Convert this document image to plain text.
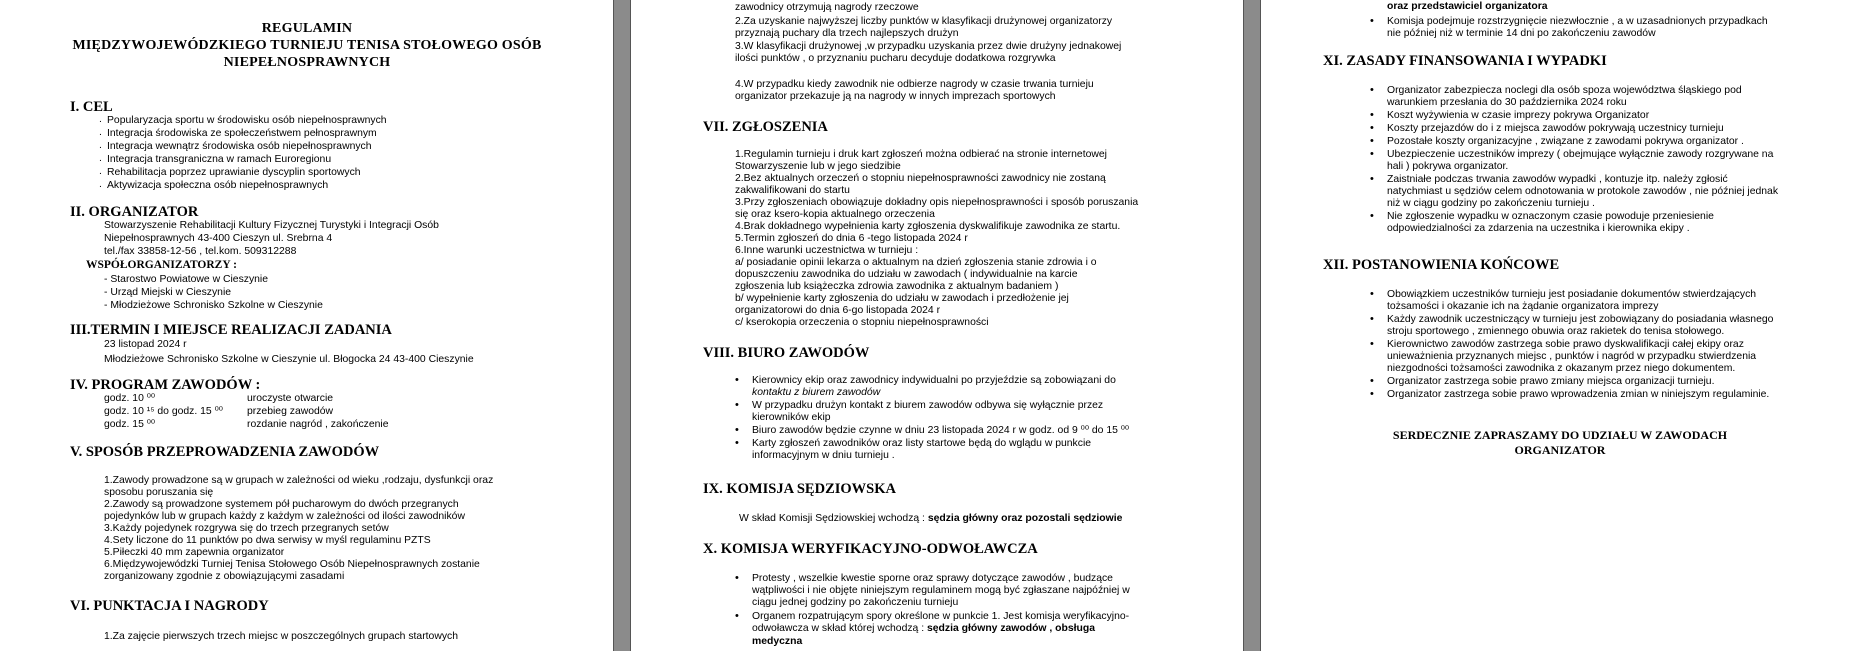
REGULAMIN
MIĘDZYWOJEWÓDZKIEGO TURNIEJU TENISA STOŁOWEGO OSÓB
NIEPEŁNOSPRAWNYCH
I. CEL
. Popularyzacja sportu w środowisku osób niepełnosprawnych
. Integracja środowiska ze społeczeństwem pełnosprawnym
. Integracja wewnątrz środowiska osób niepełnosprawnych
. Integracja transgraniczna w ramach Euroregionu
. Rehabilitacja poprzez uprawianie dyscyplin sportowych
. Aktywizacja społeczna osób niepełnosprawnych
II. ORGANIZATOR
Stowarzyszenie Rehabilitacji Kultury Fizycznej Turystyki i Integracji Osób
Niepełnosprawnych 43-400 Cieszyn ul. Srebrna 4
tel./fax 33858-12-56 , tel.kom. 509312288
WSPÓŁORGANIZATORZY :
- Starostwo Powiatowe w Cieszynie
- Urząd Miejski w Cieszynie
- Młodzieżowe Schronisko Szkolne w Cieszynie
III.TERMIN I MIEJSCE REALIZACJI ZADANIA
23 listopad 2024 r
Młodzieżowe Schronisko Szkolne w Cieszynie ul. Błogocka 24 43-400 Cieszynie
IV. PROGRAM ZAWODÓW :
godz. 10 ⁰⁰	uroczyste otwarcie
godz. 10 ¹⁵ do godz. 15 ⁰⁰ przebieg zawodów
godz. 15 ⁰⁰	rozdanie nagród , zakończenie
V. SPOSÓB PRZEPROWADZENIA ZAWODÓW
1.Zawody prowadzone są w grupach w zależności od wieku ,rodzaju, dysfunkcji oraz
sposobu poruszania się
2.Zawody są prowadzone systemem pół pucharowym do dwóch przegranych
pojedynków lub w grupach każdy z każdym w zależności od ilości zawodników
3.Każdy pojedynek rozgrywa się do trzech przegranych setów
4.Sety liczone do 11 punktów po dwa serwisy w myśl regulaminu PZTS
5.Piłeczki 40 mm zapewnia organizator
6.Międzywojewódzki Turniej Tenisa Stołowego Osób Niepełnosprawnych zostanie
zorganizowany zgodnie z obowiązującymi zasadami
VI. PUNKTACJA I NAGRODY
1.Za zajęcie pierwszych trzech miejsc w poszczególnych grupach startowych
zawodnicy otrzymują nagrody rzeczowe
2.Za uzyskanie najwyższej liczby punktów w klasyfikacji drużynowej organizatorzy
przyznają puchary dla trzech najlepszych drużyn
3.W klasyfikacji drużynowej ,w przypadku uzyskania przez dwie drużyny jednakowej
ilości punktów , o przyznaniu pucharu decyduje dodatkowa rozgrywka
4.W przypadku kiedy zawodnik nie odbierze nagrody w czasie trwania turnieju
organizator przekazuje ją na nagrody w innych imprezach sportowych
VII. ZGŁOSZENIA
1.Regulamin turnieju i druk kart zgłoszeń można odbierać na stronie internetowej
Stowarzyszenie lub w jego siedzibie
2.Bez aktualnych orzeczeń o stopniu niepełnosprawności zawodnicy nie zostaną
zakwalifikowani do startu
3.Przy zgłoszeniach obowiązuje dokładny opis niepełnosprawności i sposób poruszania
się oraz ksero-kopia aktualnego orzeczenia
4.Brak dokładnego wypełnienia karty zgłoszenia dyskwalifikuje zawodnika ze startu.
5.Termin zgłoszeń do dnia 6 -tego listopada 2024 r
6.Inne warunki uczestnictwa w turnieju :
a/ posiadanie opinii lekarza o aktualnym na dzień zgłoszenia stanie zdrowia i o
dopuszczeniu zawodnika do udziału w zawodach ( indywidualnie na karcie
zgłoszenia lub książeczka zdrowia zawodnika z aktualnym badaniem )
b/ wypełnienie karty zgłoszenia do udziału w zawodach i przedłożenie jej
organizatorowi do dnia 6-go listopada 2024 r
c/ kserokopia orzeczenia o stopniu niepełnosprawności
VIII. BIURO ZAWODÓW
• Kierownicy ekip oraz zawodnicy indywidualni po przyjeździe są zobowiązani do
kontaktu z biurem zawodów
• W przypadku drużyn kontakt z biurem zawodów odbywa się wyłącznie przez
kierowników ekip
• Biuro zawodów będzie czynne w dniu 23 listopada 2024 r w godz. od 9 ⁰⁰ do 15 ⁰⁰
• Karty zgłoszeń zawodników oraz listy startowe będą do wglądu w punkcie
informacyjnym w dniu turnieju .
IX. KOMISJA SĘDZIOWSKA
W skład Komisji Sędziowskiej wchodzą : sędzia główny oraz pozostali sędziowie
X. KOMISJA WERYFIKACYJNO-ODWOŁAWCZA
• Protesty , wszelkie kwestie sporne oraz sprawy dotyczące zawodów , budzące
wątpliwości i nie objęte niniejszym regulaminem mogą być zgłaszane najpóźniej w
ciągu jednej godziny po zakończeniu turnieju
• Organem rozpatrującym spory określone w punkcie 1. Jest komisja weryfikacyjno-
odwoławcza w skład której wchodzą : sędzia główny zawodów , obsługa
medyczna
oraz przedstawiciel organizatora
• Komisja podejmuje rozstrzygnięcie niezwłocznie , a w uzasadnionych przypadkach
nie później niż w terminie 14 dni po zakończeniu zawodów
XI. ZASADY FINANSOWANIA I WYPADKI
• Organizator zabezpiecza noclegi dla osób spoza województwa śląskiego pod
warunkiem przesłania do 30 października 2024 roku
• Koszt wyżywienia w czasie imprezy pokrywa Organizator
• Koszty przejazdów do i z miejsca zawodów pokrywają uczestnicy turnieju
• Pozostałe koszty organizacyjne , związane z zawodami pokrywa organizator .
• Ubezpieczenie uczestników imprezy ( obejmujące wyłącznie zawody rozgrywane na
hali ) pokrywa organizator.
• Zaistniałe podczas trwania zawodów wypadki , kontuzje itp. należy zgłosić
natychmiast u sędziów celem odnotowania w protokole zawodów , nie później jednak
niż w ciągu godziny po zakończeniu turnieju .
• Nie zgłoszenie wypadku w oznaczonym czasie powoduje przeniesienie
odpowiedzialności za zdarzenia na uczestnika i kierownika ekipy .
XII. POSTANOWIENIA KOŃCOWE
• Obowiązkiem uczestników turnieju jest posiadanie dokumentów stwierdzających
tożsamości i okazanie ich na żądanie organizatora imprezy
• Każdy zawodnik uczestniczący w turnieju jest zobowiązany do posiadania własnego
stroju sportowego , zmiennego obuwia oraz rakietek do tenisa stołowego.
• Kierownictwo zawodów zastrzega sobie prawo dyskwalifikacji całej ekipy oraz
unieważnienia przyznanych miejsc , punktów i nagród w przypadku stwierdzenia
niezgodności tożsamości zawodnika z okazanym przez niego dokumentem.
• Organizator zastrzega sobie prawo zmiany miejsca organizacji turnieju.
• Organizator zastrzega sobie prawo wprowadzenia zmian w niniejszym regulaminie.
SERDECZNIE ZAPRASZAMY DO UDZIAŁU W ZAWODACH
ORGANIZATOR
